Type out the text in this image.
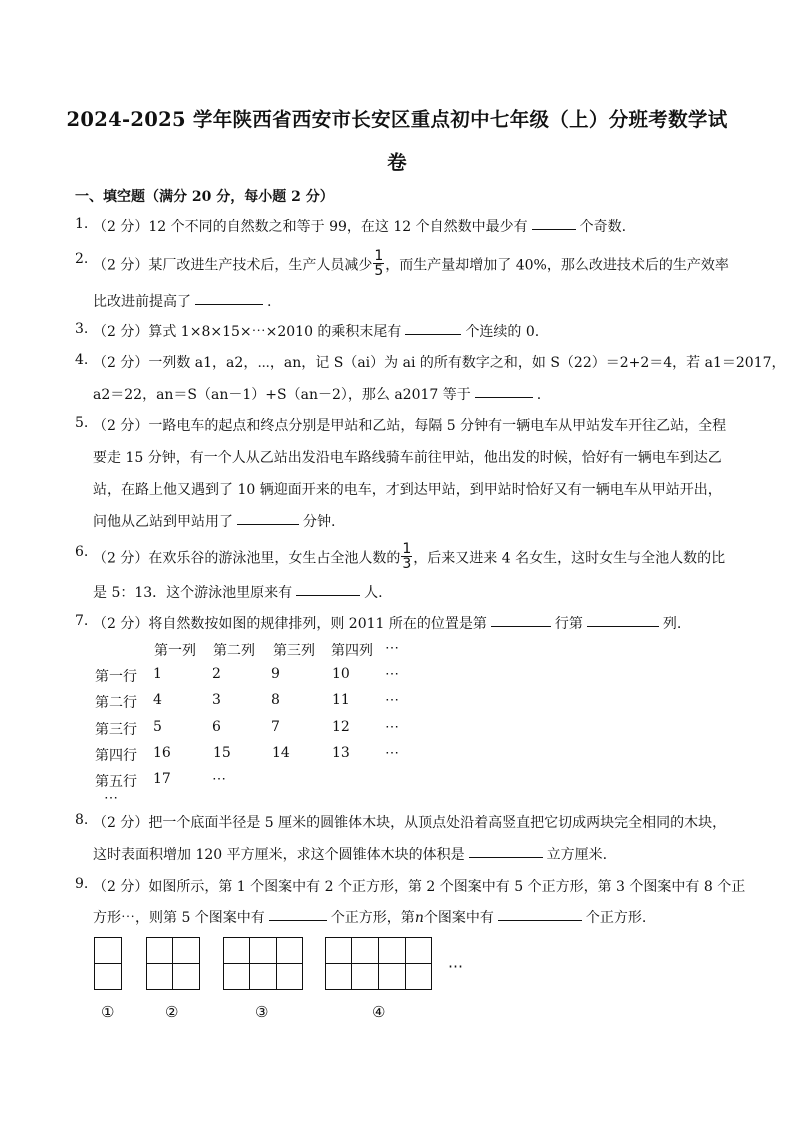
2024-2025 学年陕西省西安市长安区重点初中七年级（上）分班考数学试
卷
一、填空题（满分 20 分，每小题 2 分）
1. （2 分）12 个不同的自然数之和等于 99，在这 12 个自然数中最少有	个奇数.
2. （2 分）某厂改进生产技术后，生产人员减少 $\frac{1}{5}$ ，而生产量却增加了 40%，那么改进技术后的生产效率
比改进前提高了	.
3. （2 分）算式 1×8×15×⋯×2010 的乘积末尾有	个连续的 0.
4. （2 分）一列数 a1，a2，⋯，an，记 S（ai）为 ai 的所有数字之和，如 S（22）＝2+2＝4，若 a1＝2017，
a2＝22，an＝S（an－1）+S（an－2），那么 a2017 等于	.
5. （2 分）一路电车的起点和终点分别是甲站和乙站，每隔 5 分钟有一辆电车从甲站发车开往乙站，全程
要走 15 分钟，有一个人从乙站出发沿电车路线骑车前往甲站，他出发的时候，恰好有一辆电车到达乙
站，在路上他又遇到了 10 辆迎面开来的电车，才到达甲站，到甲站时恰好又有一辆电车从甲站开出，
问他从乙站到甲站用了	分钟.
6. （2 分）在欢乐谷的游泳池里，女生占全池人数的 $\frac{1}{3}$ ，后来又进来 4 名女生，这时女生与全池人数的比
是 5：13．这个游泳池里原来有	人.
7. （2 分）将自然数按如图的规律排列，则 2011 所在的位置是第	行第	列.
第一列 第二列 第三列 第四列 ⋯
第一行 1	2	9	10	⋯
第二行 4	3	8	11	⋯
第三行 5	6	7	12	⋯
第四行 16	15	14	13	⋯
第五行 17	⋯
⋯
8. （2 分）把一个底面半径是 5 厘米的圆锥体木块，从顶点处沿着高竖直把它切成两块完全相同的木块，
这时表面积增加 120 平方厘米，求这个圆锥体木块的体积是	立方厘米.
9. （2 分）如图所示，第 1 个图案中有 2 个正方形，第 2 个图案中有 5 个正方形，第 3 个图案中有 8 个正
方形⋯，则第 5 个图案中有	个正方形，第n个图案中有	个正方形.
⋯
①	②	③	④
